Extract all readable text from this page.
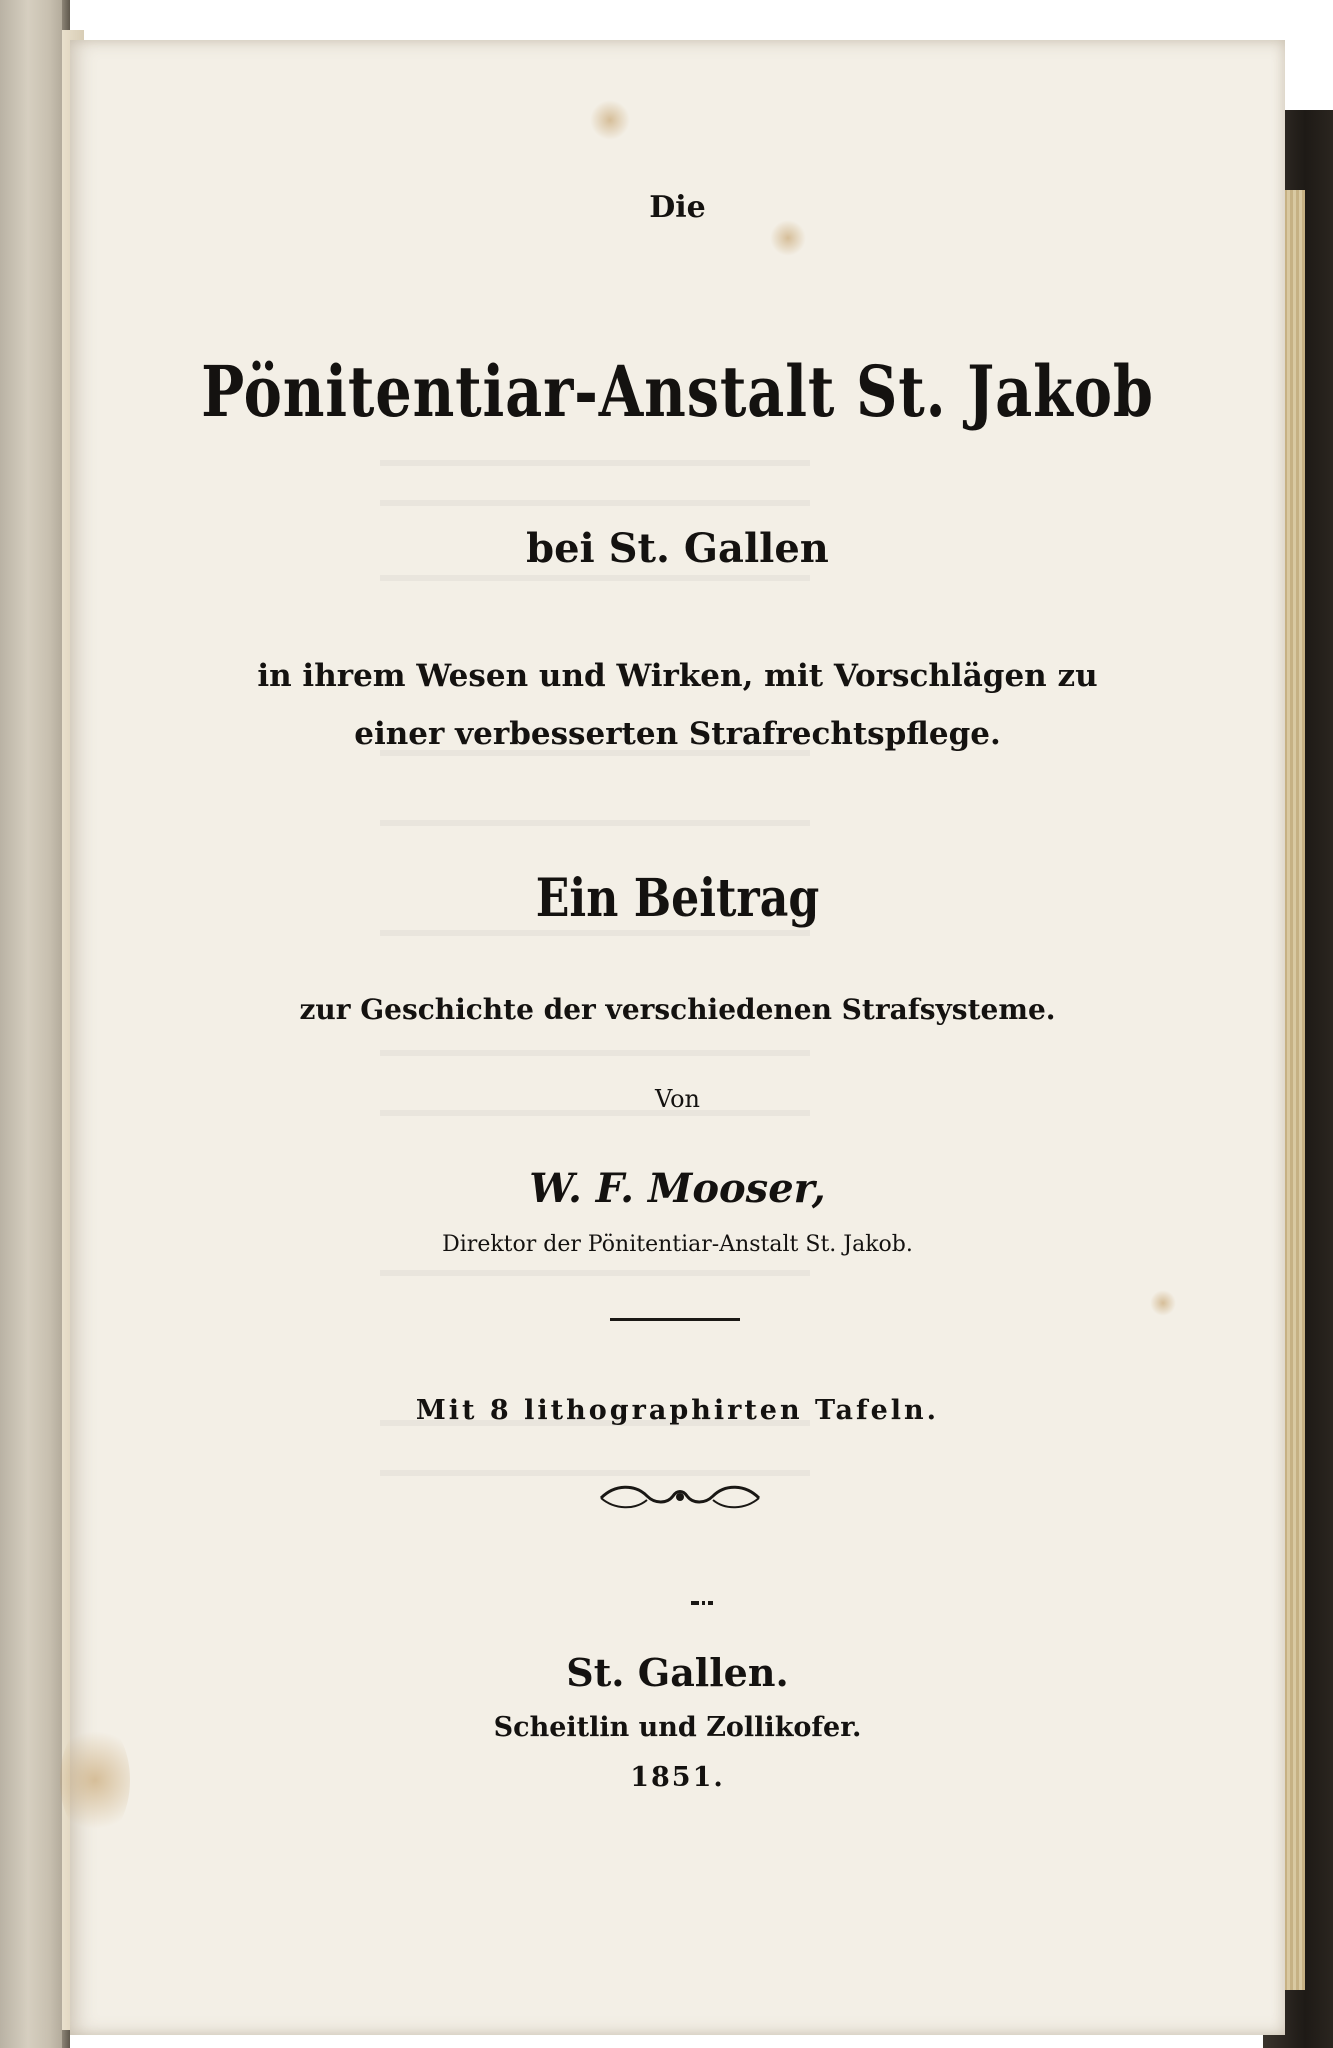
Die
Pönitentiar-Anstalt St. Jakob
bei St. Gallen
in ihrem Wesen und Wirken, mit Vorschlägen zu
einer verbesserten Strafrechtspflege.
Ein Beitrag
zur Geschichte der verschiedenen Strafsysteme.
Von
W. F. Mooser,
Direktor der Pönitentiar-Anstalt St. Jakob.
Mit 8 lithographirten Tafeln.
St. Gallen.
Scheitlin und Zollikofer.
1851.
